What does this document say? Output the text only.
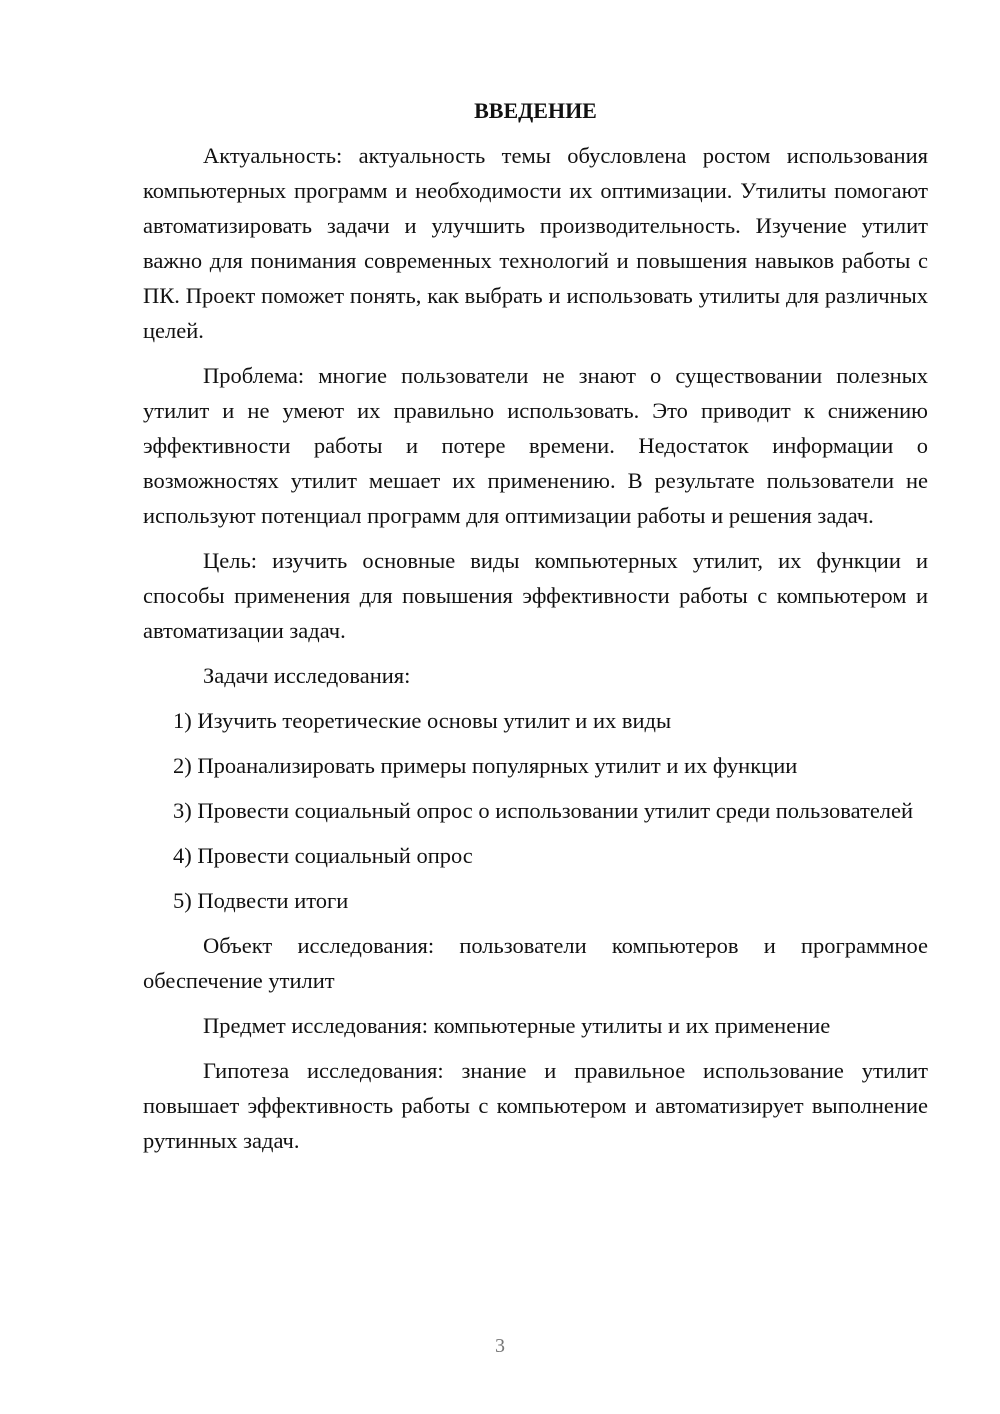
ВВЕДЕНИЕ

Актуальность: актуальность темы обусловлена ростом использования компьютерных программ и необходимости их оптимизации. Утилиты помогают автоматизировать задачи и улучшить производительность. Изучение утилит важно для понимания современных технологий и повышения навыков работы с ПК. Проект поможет понять, как выбрать и использовать утилиты для различных целей.

Проблема: многие пользователи не знают о существовании полезных утилит и не умеют их правильно использовать. Это приводит к снижению эффективности работы и потере времени. Недостаток информации о возможностях утилит мешает их применению. В результате пользователи не используют потенциал программ для оптимизации работы и решения задач.

Цель: изучить основные виды компьютерных утилит, их функции и способы применения для повышения эффективности работы с компьютером и автоматизации задач.

Задачи исследования:

1) Изучить теоретические основы утилит и их виды

2) Проанализировать примеры популярных утилит и их функции

3) Провести социальный опрос о использовании утилит среди пользователей

4) Провести социальный опрос

5) Подвести итоги

Объект исследования: пользователи компьютеров и программное обеспечение утилит

Предмет исследования: компьютерные утилиты и их применение

Гипотеза исследования: знание и правильное использование утилит повышает эффективность работы с компьютером и автоматизирует выполнение рутинных задач.

3
